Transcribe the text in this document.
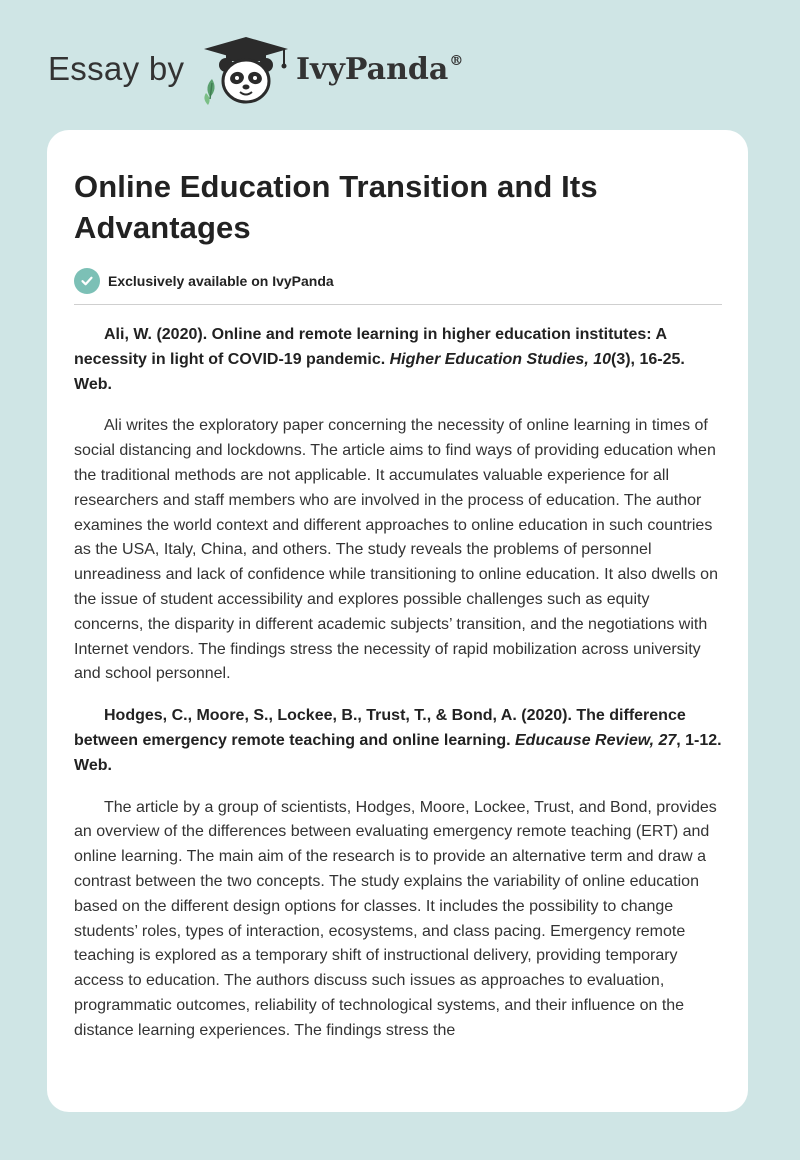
Essay by	IvyPanda®
Online Education Transition and Its Advantages
Exclusively available on IvyPanda

Ali, W. (2020). Online and remote learning in higher education institutes: A necessity in light of COVID-19 pandemic. Higher Education Studies, 10(3), 16-25. Web.

Ali writes the exploratory paper concerning the necessity of online learning in times of social distancing and lockdowns. The article aims to find ways of providing education when the traditional methods are not applicable. It accumulates valuable experience for all researchers and staff members who are involved in the process of education. The author examines the world context and different approaches to online education in such countries as the USA, Italy, China, and others. The study reveals the problems of personnel unreadiness and lack of confidence while transitioning to online education. It also dwells on the issue of student accessibility and explores possible challenges such as equity concerns, the disparity in different academic subjects’ transition, and the negotiations with Internet vendors. The findings stress the necessity of rapid mobilization across university and school personnel.

Hodges, C., Moore, S., Lockee, B., Trust, T., & Bond, A. (2020). The difference between emergency remote teaching and online learning. Educause Review, 27, 1-12. Web.

The article by a group of scientists, Hodges, Moore, Lockee, Trust, and Bond, provides an overview of the differences between evaluating emergency remote teaching (ERT) and online learning. The main aim of the research is to provide an alternative term and draw a contrast between the two concepts. The study explains the variability of online education based on the different design options for classes. It includes the possibility to change students’ roles, types of interaction, ecosystems, and class pacing. Emergency remote teaching is explored as a temporary shift of instructional delivery, providing temporary access to education. The authors discuss such issues as approaches to evaluation, programmatic outcomes, reliability of technological systems, and their influence on the distance learning experiences. The findings stress the
